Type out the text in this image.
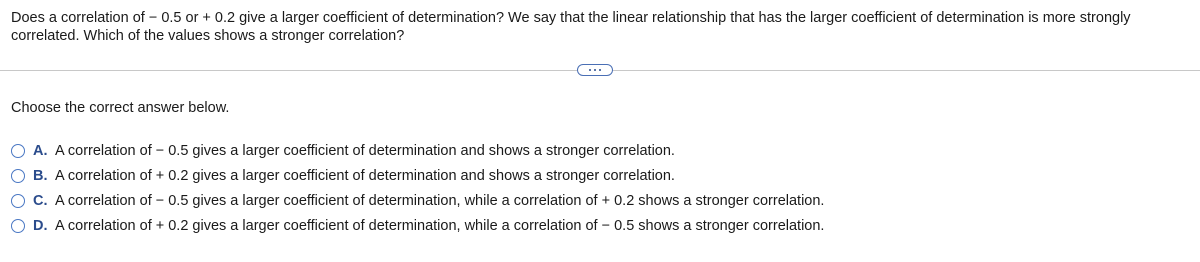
Does a correlation of − 0.5 or + 0.2 give a larger coefficient of determination? We say that the linear relationship that has the larger coefficient of determination is more strongly correlated. Which of the values shows a stronger correlation?
Choose the correct answer below.
A. A correlation of − 0.5 gives a larger coefficient of determination and shows a stronger correlation.
B. A correlation of + 0.2 gives a larger coefficient of determination and shows a stronger correlation.
C. A correlation of − 0.5 gives a larger coefficient of determination, while a correlation of + 0.2 shows a stronger correlation.
D. A correlation of + 0.2 gives a larger coefficient of determination, while a correlation of − 0.5 shows a stronger correlation.
